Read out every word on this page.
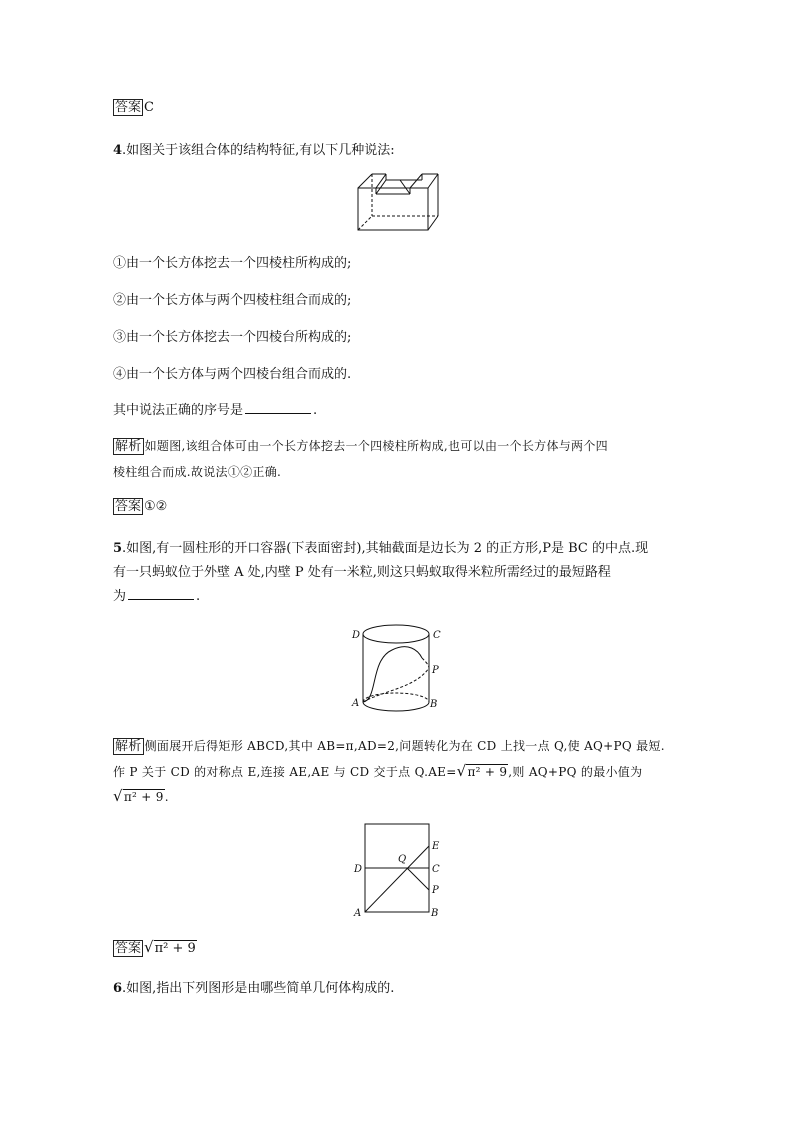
答案 C
4.如图关于该组合体的结构特征,有以下几种说法:
①由一个长方体挖去一个四棱柱所构成的;
②由一个长方体与两个四棱柱组合而成的;
③由一个长方体挖去一个四棱台所构成的;
④由一个长方体与两个四棱台组合而成的.
其中说法正确的序号是	.
解析 如题图,该组合体可由一个长方体挖去一个四棱柱所构成,也可以由一个长方体与两个四
棱柱组合而成.故说法①②正确.
答案 ①②
5.如图,有一圆柱形的开口容器(下表面密封),其轴截面是边长为 2 的正方形,P是 BC 的中点.现
有一只蚂蚁位于外壁 A 处,内壁 P 处有一米粒,则这只蚂蚁取得米粒所需经过的最短路程
为	.
D	C
P
A	B
解析 侧面展开后得矩形 ABCD,其中 AB=π,AD=2,问题转化为在 CD 上找一点 Q,使 AQ+PQ 最短.
作 P 关于 CD 的对称点 E,连接 AE,AE 与 CD 交于点 Q.AE=√π² + 9,则 AQ+PQ 的最小值为
√π² + 9.
E
Q
D	C
P
A	B
答案 √π² + 9
6.如图,指出下列图形是由哪些简单几何体构成的.
